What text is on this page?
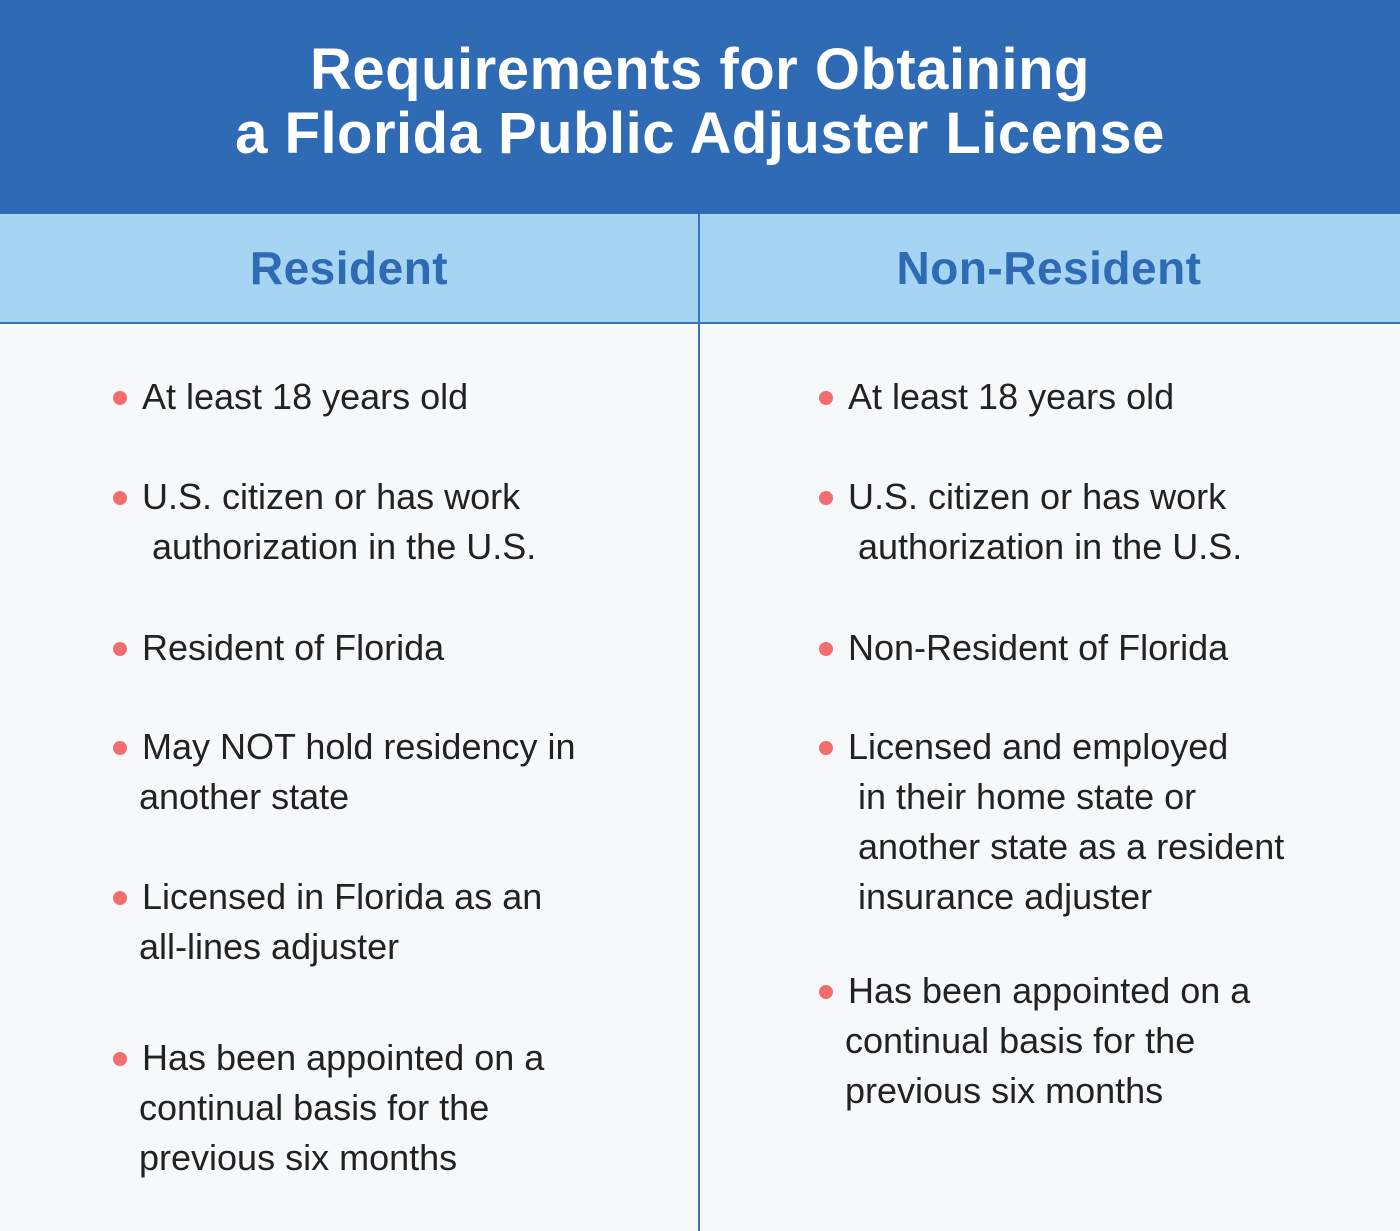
Requirements for Obtaining
a Florida Public Adjuster License
Resident	Non-Resident
At least 18 years old
U.S. citizen or has work
authorization in the U.S.
Resident of Florida
May NOT hold residency in
another state
Licensed in Florida as an
all-lines adjuster
Has been appointed on a
continual basis for the
previous six months
At least 18 years old
U.S. citizen or has work
authorization in the U.S.
Non-Resident of Florida
Licensed and employed
in their home state or
another state as a resident
insurance adjuster
Has been appointed on a
continual basis for the
previous six months
